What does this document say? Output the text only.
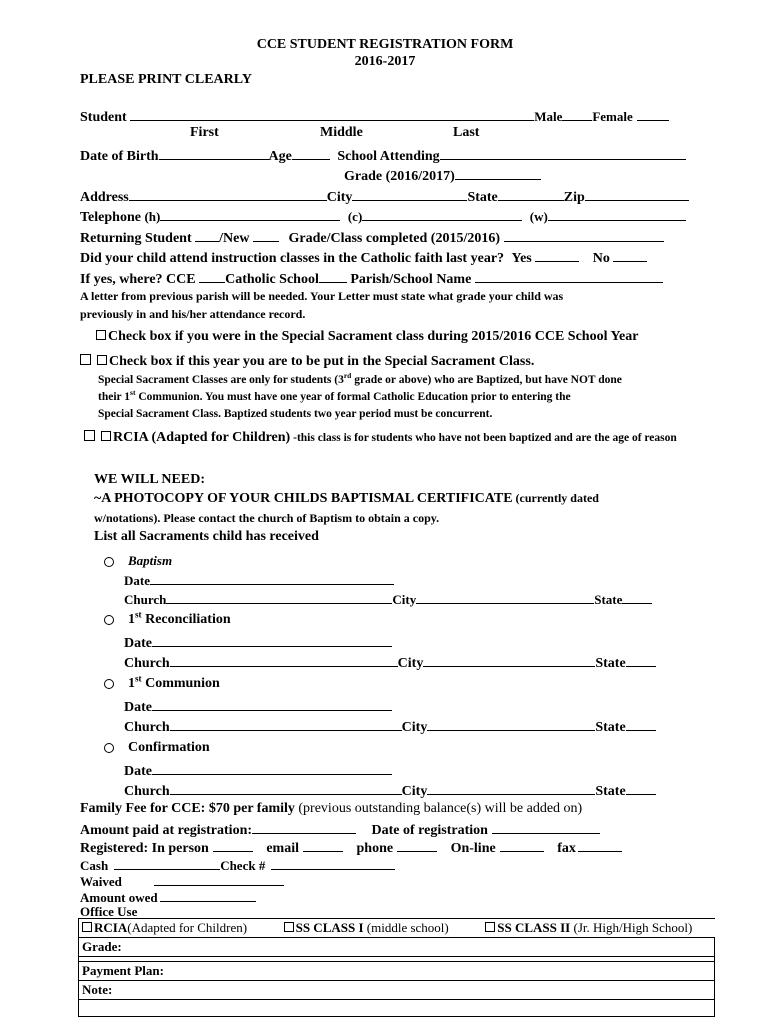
CCE STUDENT REGISTRATION FORM
2016-2017
PLEASE PRINT CLEARLY
Student	Male Female
First	Middle	Last
Date of Birth	Age	School Attending
Grade (2016/2017)
Address	City	State	Zip
Telephone (h)	(c)	(w)
Returning Student /New	Grade/Class completed (2015/2016)
Did your child attend instruction classes in the Catholic faith last year? Yes	No
If yes, where? CCE Catholic School Parish/School Name
A letter from previous parish will be needed. Your Letter must state what grade your child was
previously in and his/her attendance record.
Check box if you were in the Special Sacrament class during 2015/2016 CCE School Year
Check box if this year you are to be put in the Special Sacrament Class.
Special Sacrament Classes are only for students (3rd grade or above) who are Baptized, but have NOT done
their 1st Communion. You must have one year of formal Catholic Education prior to entering the
Special Sacrament Class. Baptized students two year period must be concurrent.
RCIA (Adapted for Children) -this class is for students who have not been baptized and are the age of reason
WE WILL NEED:
~A PHOTOCOPY OF YOUR CHILDS BAPTISMAL CERTIFICATE (currently dated
w/notations). Please contact the church of Baptism to obtain a copy.
List all Sacraments child has received
Baptism
Date
Church	City	State
1st Reconciliation
Date
Church	City	State
1st Communion
Date
Church	City	State
Confirmation
Date
Church	City	State
Family Fee for CCE: $70 per family (previous outstanding balance(s) will be added on)
Amount paid at registration:	Date of registration
Registered: In person	email	phone	On-line	fax
Cash	Check #
Waived
Amount owed
Office Use
RCIA(Adapted for Children)	SS CLASS I (middle school)	SS CLASS II (Jr. High/High School)
Grade:

Payment Plan:
Note:
